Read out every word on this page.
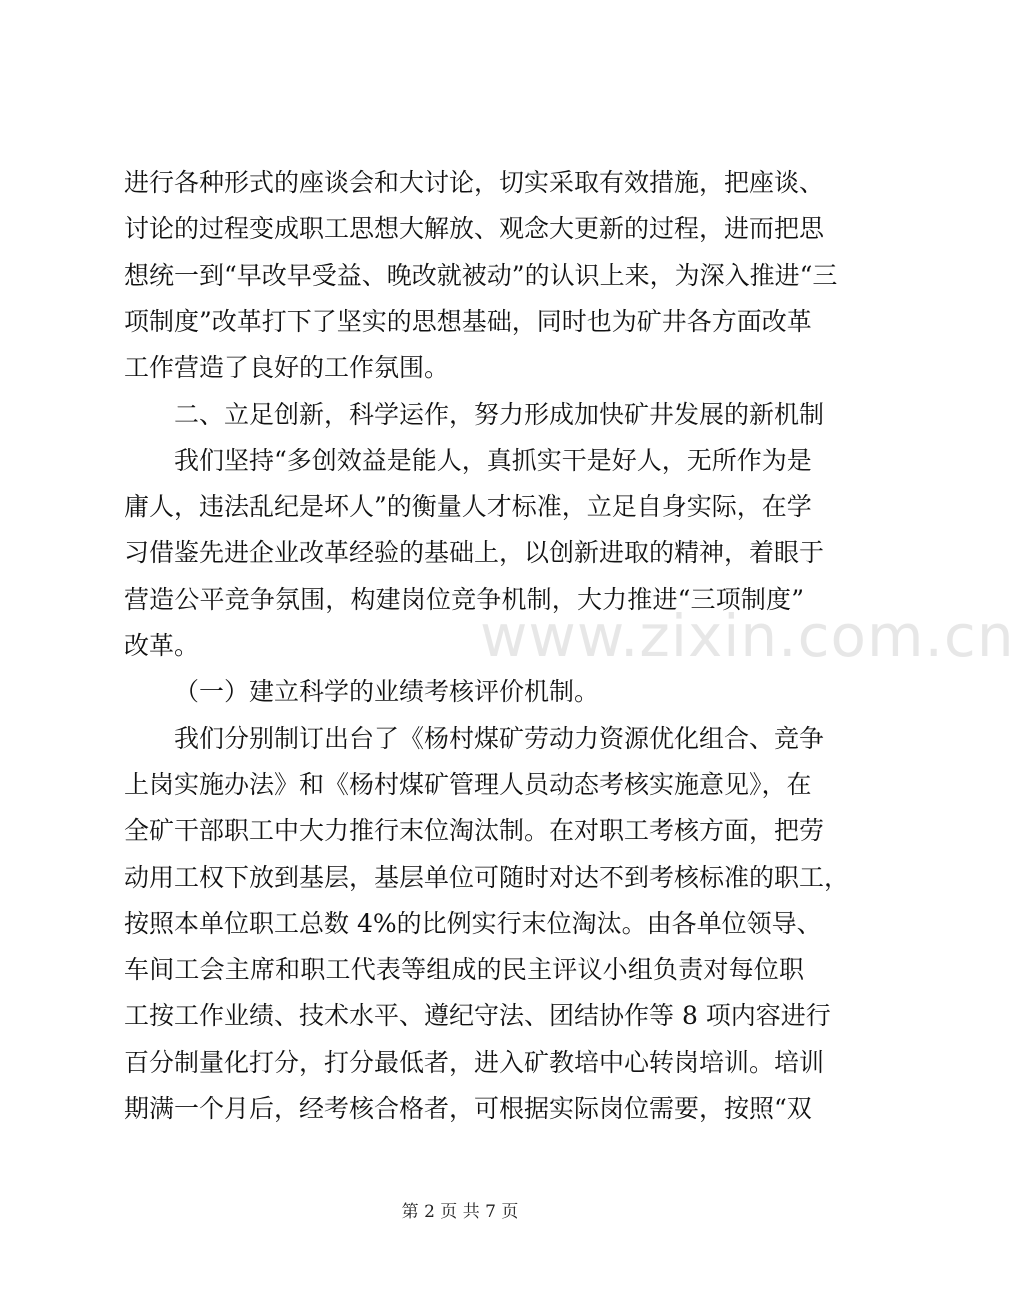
进行各种形式的座谈会和大讨论，切实采取有效措施，把座谈、
讨论的过程变成职工思想大解放、观念大更新的过程，进而把思
想统一到“早改早受益、晚改就被动”的认识上来，为深入推进“三
项制度”改革打下了坚实的思想基础，同时也为矿井各方面改革
工作营造了良好的工作氛围。
二、立足创新，科学运作，努力形成加快矿井发展的新机制
我们坚持“多创效益是能人，真抓实干是好人，无所作为是
庸人，违法乱纪是坏人”的衡量人才标准，立足自身实际，在学
习借鉴先进企业改革经验的基础上，以创新进取的精神，着眼于
营造公平竞争氛围，构建岗位竞争机制，大力推进“三项制度”
改革。
（一）建立科学的业绩考核评价机制。
我们分别制订出台了《杨村煤矿劳动力资源优化组合、竞争
上岗实施办法》和《杨村煤矿管理人员动态考核实施意见》，在
全矿干部职工中大力推行末位淘汰制。在对职工考核方面，把劳
动用工权下放到基层，基层单位可随时对达不到考核标准的职工，
按照本单位职工总数 4%的比例实行末位淘汰。由各单位领导、
车间工会主席和职工代表等组成的民主评议小组负责对每位职
www.zixin.com.cn
第 2 页 共 7 页
工按工作业绩、技术水平、遵纪守法、团结协作等 8 项内容进行
百分制量化打分，打分最低者，进入矿教培中心转岗培训。培训
期满一个月后，经考核合格者，可根据实际岗位需要，按照“双
